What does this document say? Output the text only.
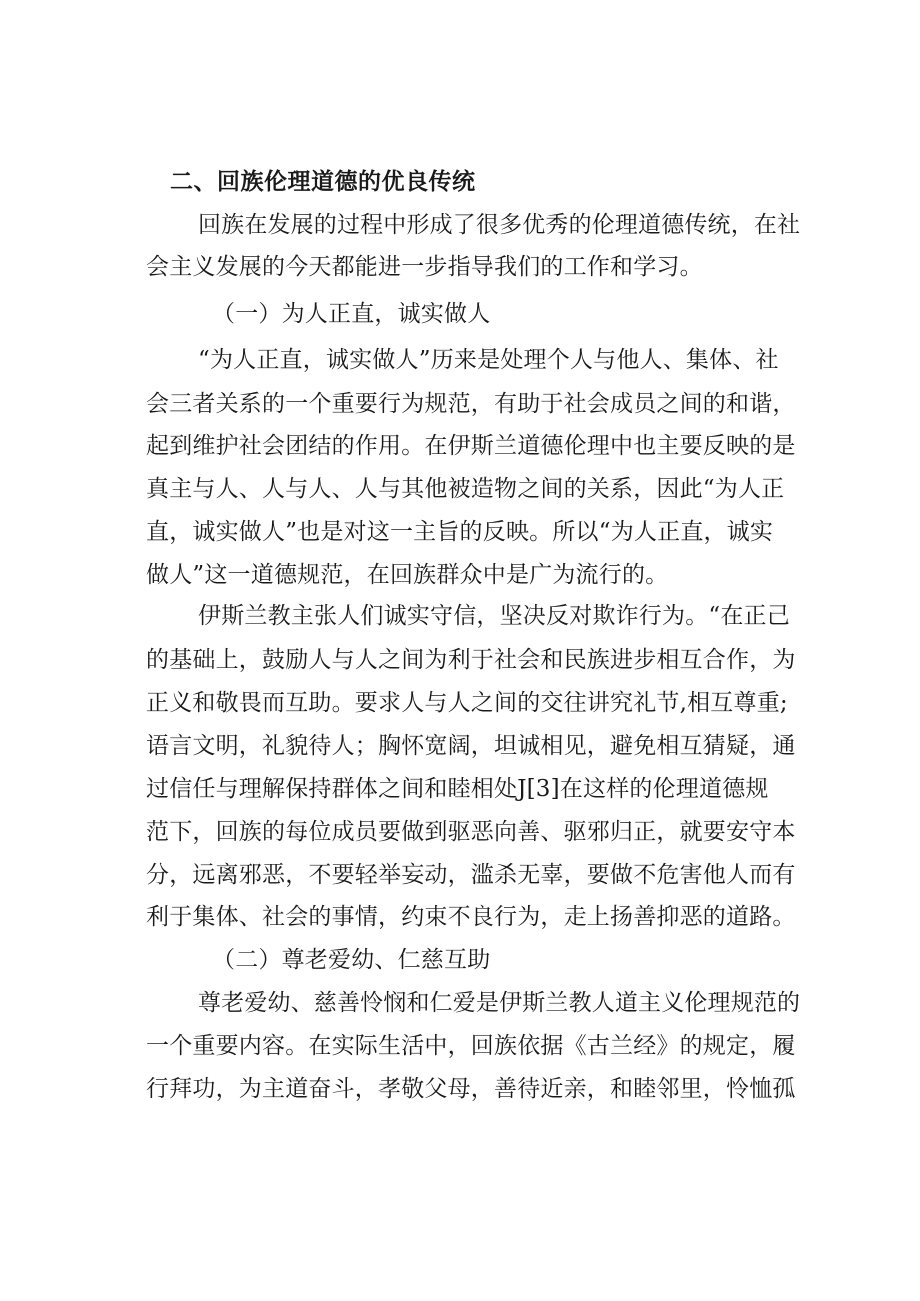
二、回族伦理道德的优良传统
回族在发展的过程中形成了很多优秀的伦理道德传统，在社
会主义发展的今天都能进一步指导我们的工作和学习。
（一）为人正直，诚实做人
“为人正直，诚实做人”历来是处理个人与他人、集体、社
会三者关系的一个重要行为规范，有助于社会成员之间的和谐，
起到维护社会团结的作用。在伊斯兰道德伦理中也主要反映的是
真主与人、人与人、人与其他被造物之间的关系，因此“为人正
直，诚实做人”也是对这一主旨的反映。所以“为人正直，诚实
做人”这一道德规范，在回族群众中是广为流行的。
伊斯兰教主张人们诚实守信，坚决反对欺诈行为。“在正己
的基础上，鼓励人与人之间为利于社会和民族进步相互合作，为
正义和敬畏而互助。要求人与人之间的交往讲究礼节,相互尊重;
语言文明，礼貌待人；胸怀宽阔，坦诚相见，避免相互猜疑，通
过信任与理解保持群体之间和睦相处J[3]在这样的伦理道德规
范下，回族的每位成员要做到驱恶向善、驱邪归正，就要安守本
分，远离邪恶，不要轻举妄动，滥杀无辜，要做不危害他人而有
利于集体、社会的事情，约束不良行为，走上扬善抑恶的道路。
（二）尊老爱幼、仁慈互助
尊老爱幼、慈善怜悯和仁爱是伊斯兰教人道主义伦理规范的
一个重要内容。在实际生活中，回族依据《古兰经》的规定，履
行拜功，为主道奋斗，孝敬父母，善待近亲，和睦邻里，怜恤孤
